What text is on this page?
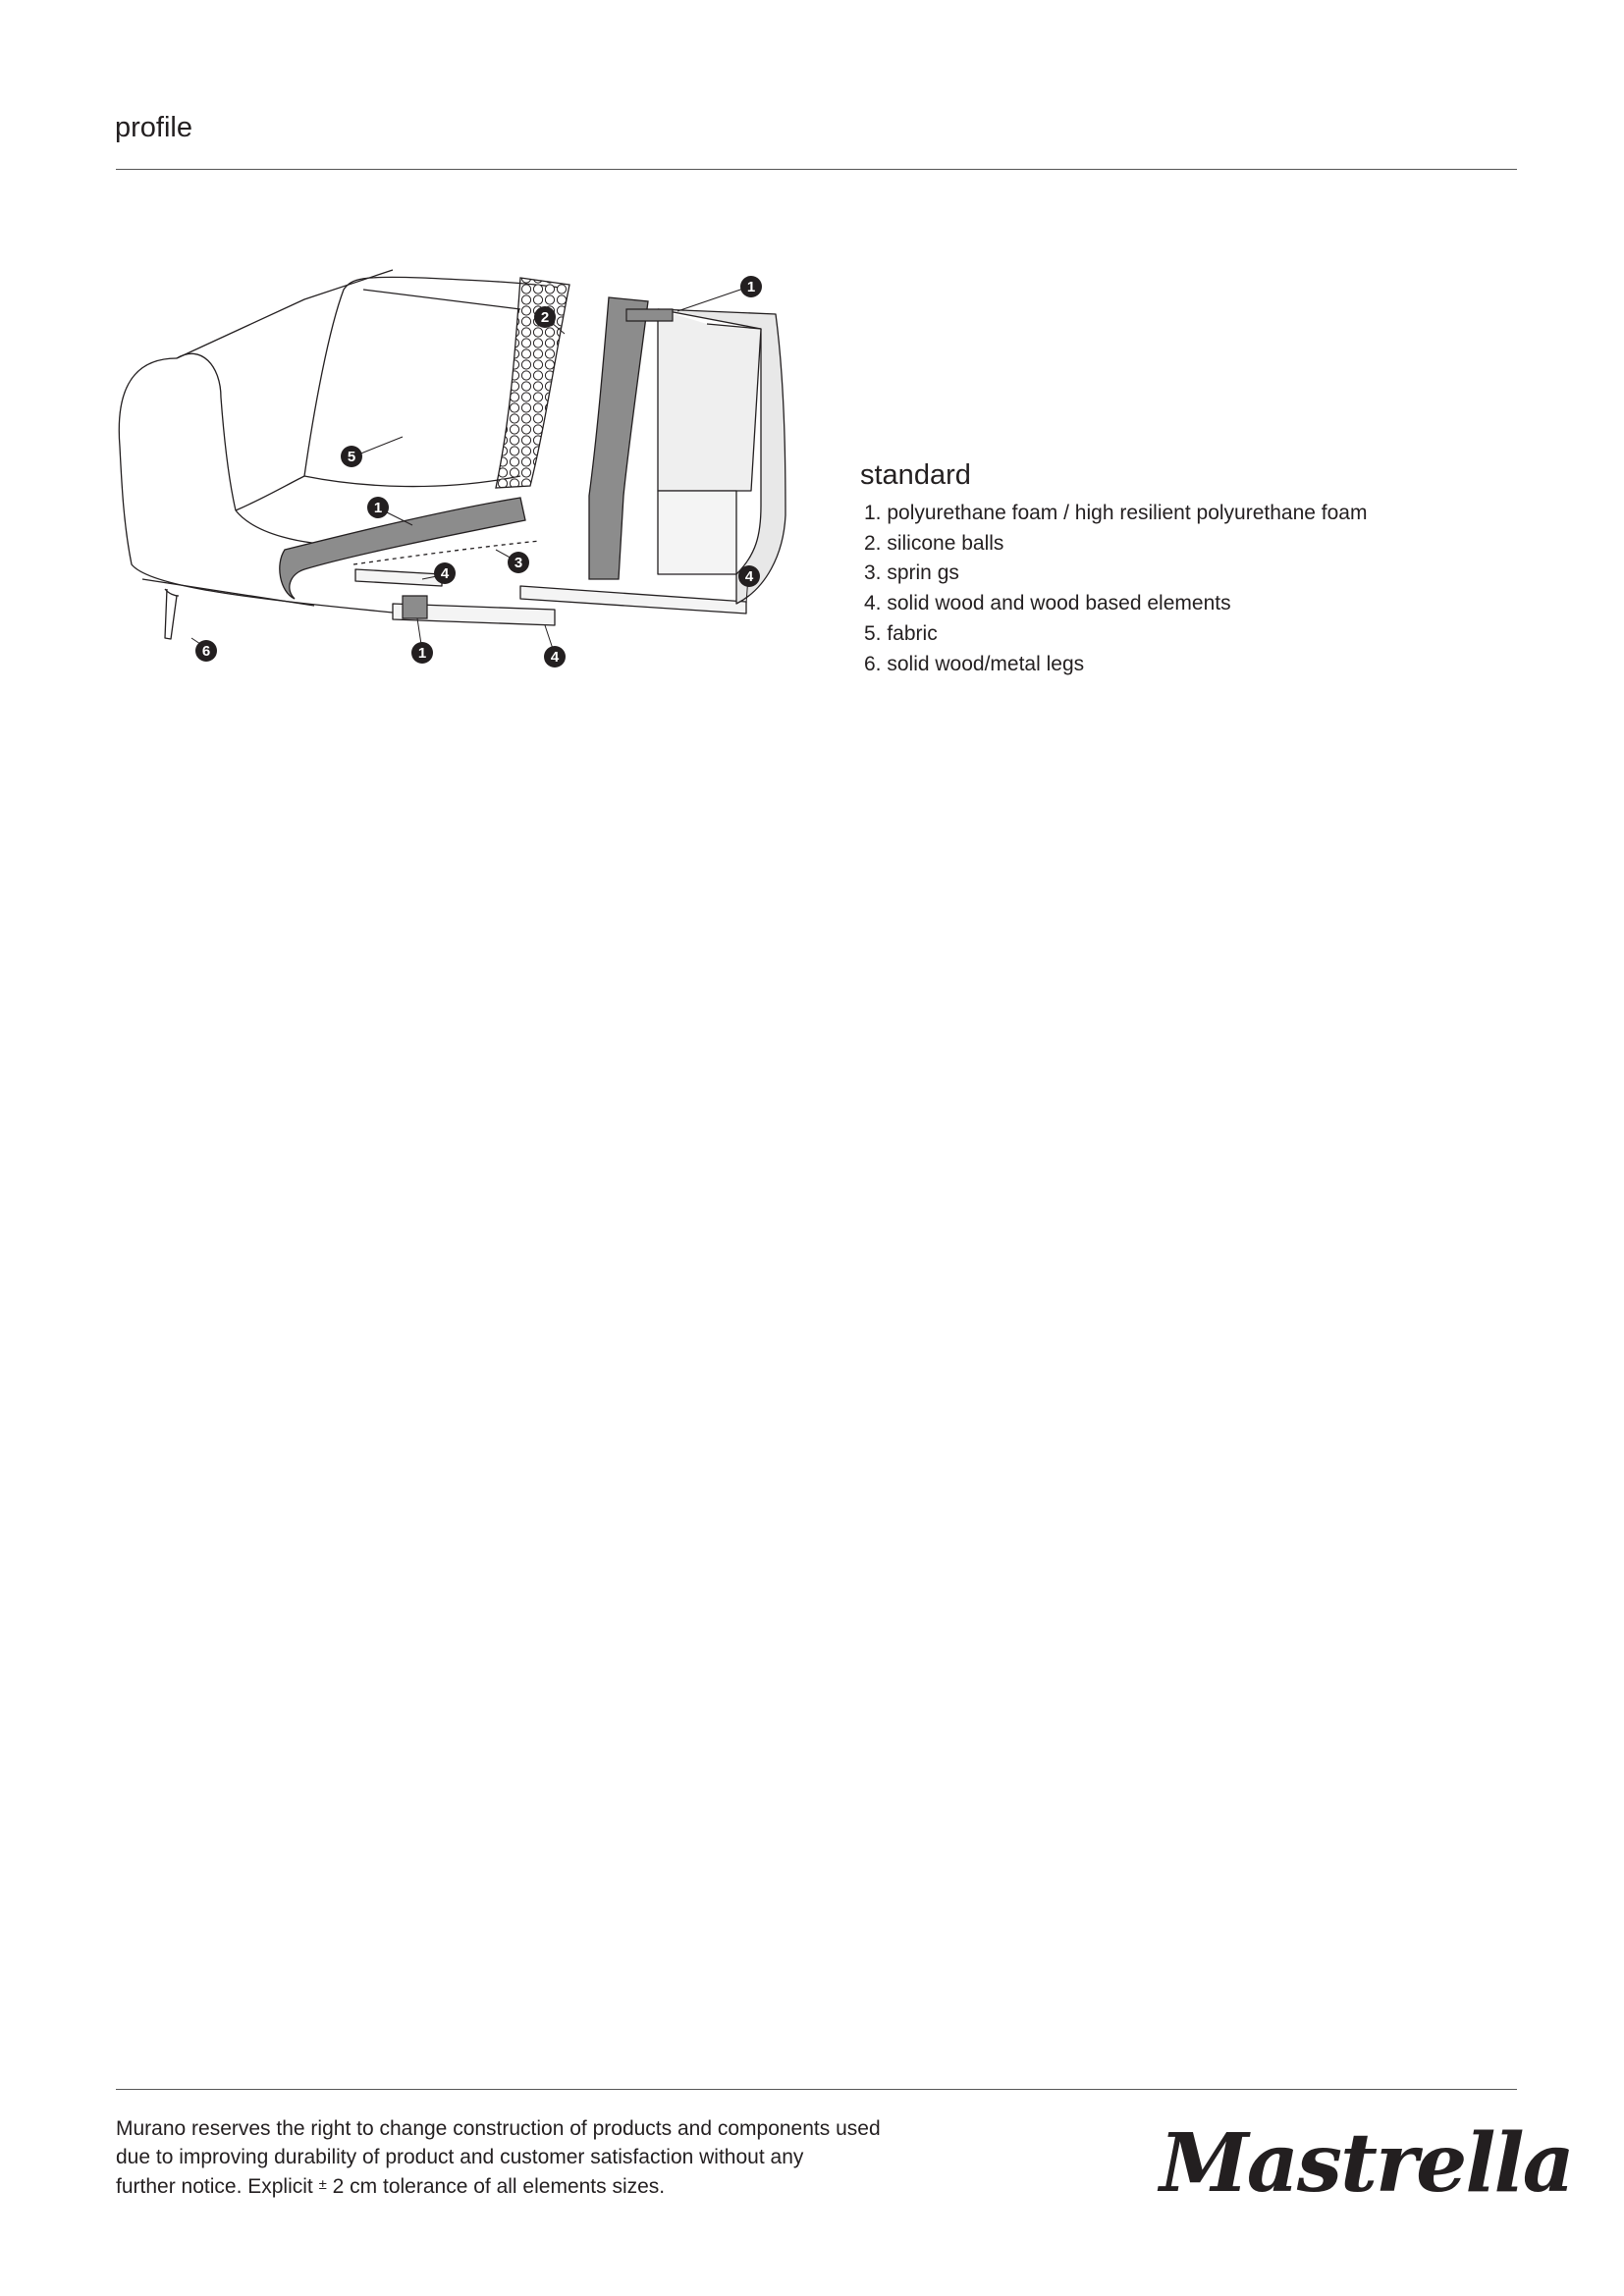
profile
1
2
5
1
3
4	4
1	4
6
standard
1. polyurethane foam / high resilient polyurethane foam
2. silicone balls
3. sprin gs
4. solid wood and wood based elements
5. fabric
6. solid wood/metal legs

Murano reserves the right to change construction of products and components used

due to improving durability of product and customer satisfaction without any

further notice. Explicit ± 2 cm tolerance of all elements sizes.	Mastrella
